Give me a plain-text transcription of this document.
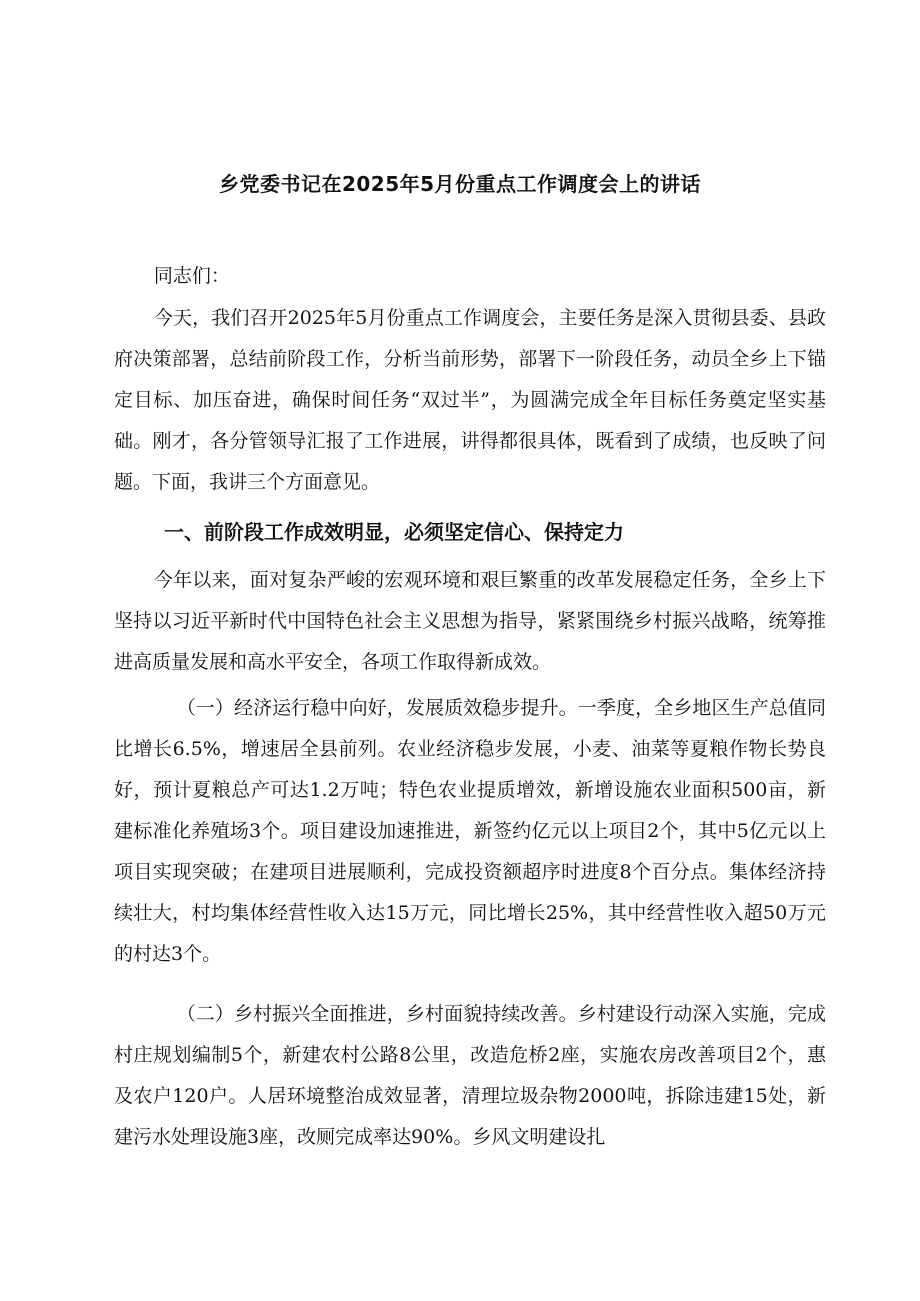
乡党委书记在2025年5月份重点工作调度会上的讲话
同志们：
今天，我们召开2025年5月份重点工作调度会，主要任务是深入贯彻县委、县政府决策部署，总结前阶段工作，分析当前形势，部署下一阶段任务，动员全乡上下锚定目标、加压奋进，确保时间任务“双过半”，为圆满完成全年目标任务奠定坚实基础。刚才，各分管领导汇报了工作进展，讲得都很具体，既看到了成绩，也反映了问题。下面，我讲三个方面意见。
一、前阶段工作成效明显，必须坚定信心、保持定力
今年以来，面对复杂严峻的宏观环境和艰巨繁重的改革发展稳定任务，全乡上下坚持以习近平新时代中国特色社会主义思想为指导，紧紧围绕乡村振兴战略，统筹推进高质量发展和高水平安全，各项工作取得新成效。
（一）经济运行稳中向好，发展质效稳步提升。一季度，全乡地区生产总值同比增长6.5%，增速居全县前列。农业经济稳步发展，小麦、油菜等夏粮作物长势良好，预计夏粮总产可达1.2万吨；特色农业提质增效，新增设施农业面积500亩，新建标准化养殖场3个。项目建设加速推进，新签约亿元以上项目2个，其中5亿元以上项目实现突破；在建项目进展顺利，完成投资额超序时进度8个百分点。集体经济持续壮大，村均集体经营性收入达15万元，同比增长25%，其中经营性收入超50万元的村达3个。
（二）乡村振兴全面推进，乡村面貌持续改善。乡村建设行动深入实施，完成村庄规划编制5个，新建农村公路8公里，改造危桥2座，实施农房改善项目2个，惠及农户120户。人居环境整治成效显著，清理垃圾杂物2000吨，拆除违建15处，新建污水处理设施3座，改厕完成率达90%。乡风文明建设扎
